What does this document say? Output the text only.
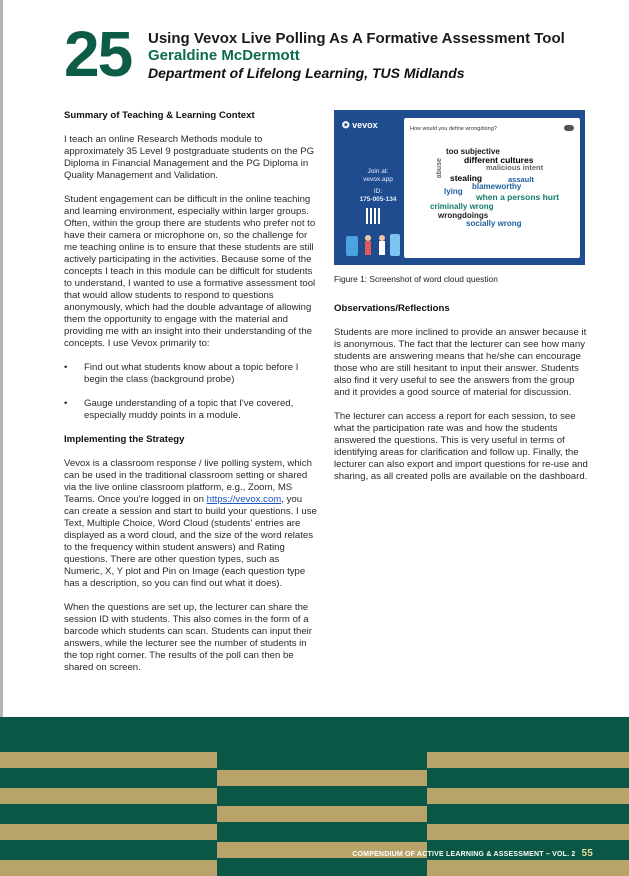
25 Using Vevox Live Polling As A Formative Assessment Tool
Geraldine McDermott
Department of Lifelong Learning, TUS Midlands
Summary of Teaching & Learning Context

I teach an online Research Methods module to approximately 35 Level 9 postgraduate students on the PG Diploma in Financial Management and the PG Diploma in Quality Management and Validation.

Student engagement can be difficult in the online teaching and learning environment, especially within larger groups. Often, within the group there are students who prefer not to have their camera or microphone on, so the challenge for me teaching online is to ensure that these students are still actively participating in the activities. Because some of the concepts I teach in this module can be difficult for students to understand, I wanted to use a formative assessment tool that would allow students to respond to questions anonymously, which had the double advantage of allowing them the opportunity to engage with the material and providing me with an insight into their understanding of the concepts. I use Vevox primarily to:

• Find out what students know about a topic before I begin the class (background probe)
• Gauge understanding of a topic that I've covered, especially muddy points in a module.
Implementing the Strategy

Vevox is a classroom response / live polling system, which can be used in the traditional classroom setting or shared via the live online classroom platform, e.g., Zoom, MS Teams. Once you're logged in on https://vevox.com, you can create a session and start to build your questions. I use Text, Multiple Choice, Word Cloud (students' entries are displayed as a word cloud, and the size of the word relates to the frequency within student answers) and Rating questions. There are other question types, such as Numeric, X, Y plot and Pin on Image (each question type has a description, so you can find out what it does).

When the questions are set up, the lecturer can share the session ID with students. This also comes in the form of a barcode which students can scan. Students can input their answers, while the lecturer see the number of students in the top right corner. The results of the poll can then be shared on screen.

✪ vevox
Join at:
vevox.app
ID:
175-005-134
How would you define wrongdoing?
too subjective
different cultures
malicious intent
abuse stealing	assault
blameworthy
lying
when a persons hurt
criminally wrong
wrongdoings
socially wrong
Figure 1: Screenshot of word cloud question
Observations/Reflections

Students are more inclined to provide an answer because it is anonymous. The fact that the lecturer can see how many students are answering means that he/she can encourage those who are still hesitant to input their answer. Students also find it very useful to see the answers from the group and it provides a good source of material for discussion.

The lecturer can access a report for each session, to see what the participation rate was and how the students answered the questions. This is very useful in terms of identifying areas for clarification and follow up. Finally, the lecturer can also export and import questions for re-use and sharing, as all created polls are available on the dashboard.

COMPENDIUM OF ACTIVE LEARNING & ASSESSMENT – VOL. 2 55
